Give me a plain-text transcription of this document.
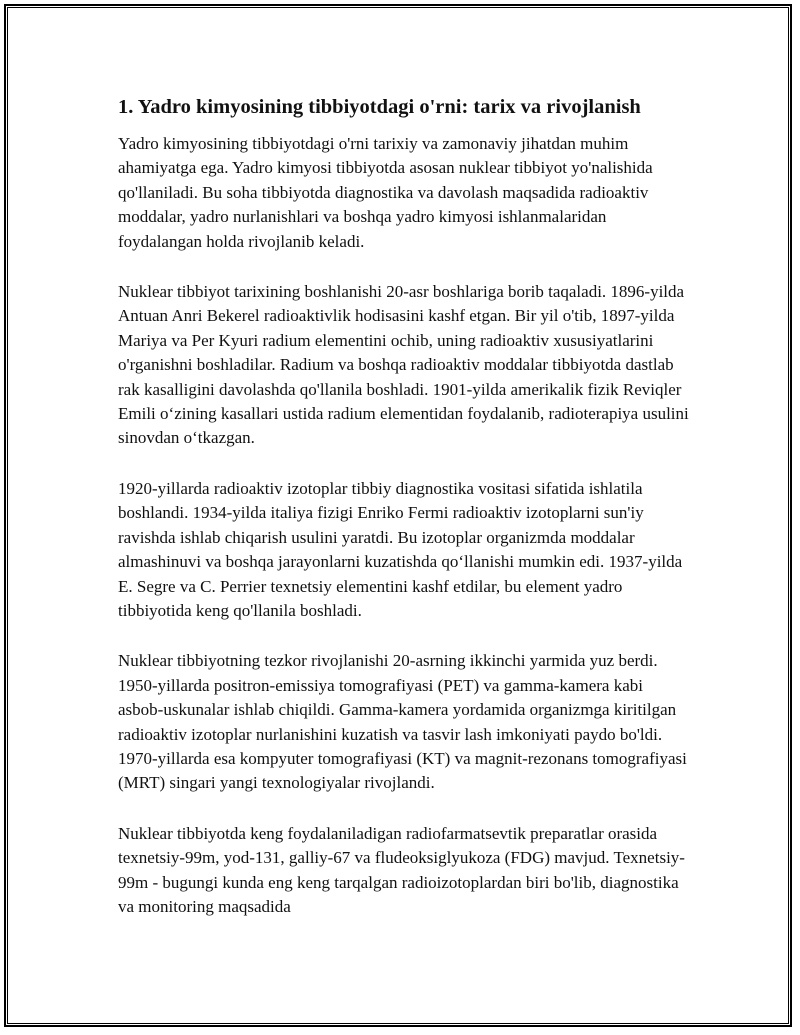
1. Yadro kimyosining tibbiyotdagi o'rni: tarix va rivojlanish

Yadro kimyosining tibbiyotdagi o'rni tarixiy va zamonaviy jihatdan muhim ahamiyatga ega. Yadro kimyosi tibbiyotda asosan nuklear tibbiyot yo'nalishida qo'llaniladi. Bu soha tibbiyotda diagnostika va davolash maqsadida radioaktiv moddalar, yadro nurlanishlari va boshqa yadro kimyosi ishlanmalaridan foydalangan holda rivojlanib keladi.

Nuklear tibbiyot tarixining boshlanishi 20-asr boshlariga borib taqaladi. 1896-yilda Antuan Anri Bekerel radioaktivlik hodisasini kashf etgan. Bir yil o'tib, 1897-yilda Mariya va Per Kyuri radium elementini ochib, uning radioaktiv xususiyatlarini o'rganishni boshladilar. Radium va boshqa radioaktiv moddalar tibbiyotda dastlab rak kasalligini davolashda qo'llanila boshladi. 1901-yilda amerikalik fizik Reviqler Emili o‘zining kasallari ustida radium elementidan foydalanib, radioterapiya usulini sinovdan o‘tkazgan.

1920-yillarda radioaktiv izotoplar tibbiy diagnostika vositasi sifatida ishlatila boshlandi. 1934-yilda italiya fizigi Enriko Fermi radioaktiv izotoplarni sun'iy ravishda ishlab chiqarish usulini yaratdi. Bu izotoplar organizmda moddalar almashinuvi va boshqa jarayonlarni kuzatishda qo‘llanishi mumkin edi. 1937-yilda E. Segre va C. Perrier texnetsiy elementini kashf etdilar, bu element yadro tibbiyotida keng qo'llanila boshladi.

Nuklear tibbiyotning tezkor rivojlanishi 20-asrning ikkinchi yarmida yuz berdi. 1950-yillarda positron-emissiya tomografiyasi (PET) va gamma-kamera kabi asbob-uskunalar ishlab chiqildi. Gamma-kamera yordamida organizmga kiritilgan radioaktiv izotoplar nurlanishini kuzatish va tasvir lash imkoniyati paydo bo'ldi. 1970-yillarda esa kompyuter tomografiyasi (KT) va magnit-rezonans tomografiyasi (MRT) singari yangi texnologiyalar rivojlandi.

Nuklear tibbiyotda keng foydalaniladigan radiofarmatsevtik preparatlar orasida texnetsiy-99m, yod-131, galliy-67 va fludeoksiglyukoza (FDG) mavjud. Texnetsiy-99m - bugungi kunda eng keng tarqalgan radioizotoplardan biri bo'lib, diagnostika va monitoring maqsadida
